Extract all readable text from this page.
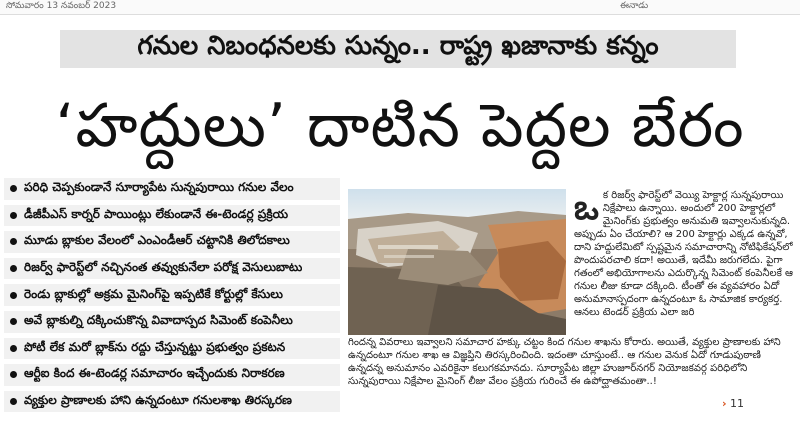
సోమవారం 13 నవంబర్ 2023	ఈనాడు
గనుల నిబంధనలకు సున్నం.. రాష్ట్ర ఖజానాకు కన్నం
‘హద్దులు’ దాటిన పెద్దల బేరం
పరిధి చెప్పకుండానే సూర్యాపేట సున్నపురాయి గనుల వేలం
డీజీపీఎస్ కార్నర్ పాయింట్లు లేకుండానే ఈ-టెండర్ల ప్రక్రియ
మూడు బ్లాకుల వేలంలో ఎంఎండీఆర్ చట్టానికి తిలోదకాలు
రిజర్వ్ ఫారెస్ట్‌లో నచ్చినంత తవ్వుకునేలా పరోక్ష వెసులుబాటు
రెండు బ్లాకుల్లో అక్రమ మైనింగ్‌పై ఇప్పటికే కోర్టుల్లో కేసులు
అవే బ్లాకుల్ని దక్కించుకొన్న వివాదాస్పద సిమెంట్ కంపెనీలు
పోటీ లేక మరో బ్లాక్‌ను రద్దు చేస్తున్నట్టు ప్రభుత్వం ప్రకటన
ఆర్టీఐ కింద ఈ-టెండర్ల సమాచారం ఇచ్చేందుకు నిరాకరణ
వ్యక్తుల ప్రాణాలకు హాని ఉన్నదంటూ గనులశాఖ తిరస్కరణ
ఒ క రిజర్వ్ ఫారెస్ట్‌లో వెయ్యి హెక్టార్ల సున్నపురాయి నిక్షేపాలు ఉన్నాయి. అందులో 200 హెక్టార్లలో మైనింగ్‌కు ప్రభుత్వం అనుమతి ఇవ్వాలనుకున్నది. అప్పుడు ఏం చేయాలి? ఆ 200 హెక్టార్లు ఎక్కడ ఉన్నవో, దాని హద్దులేమిటో స్పష్టమైన సమాచారాన్ని నోటిఫికేషన్‌లో పొందుపరచాలి కదా! అయితే, ఇదేమీ జరుగలేదు. పైగా గతంలో అభియోగాలను ఎదుర్కొన్న సిమెంట్ కంపెనీలకే ఆ గనుల లీజు కూడా దక్కింది. టీంతో ఈ వ్యవహారం ఏదో అనుమానాస్పదంగా ఉన్నదంటూ ఓ సామాజిక కార్యకర్త. ఆనలు టెండర్ ప్రక్రియ ఎలా జరి

గిందన్న వివరాలు ఇవ్వాలని సమాచార హక్కు చట్టం కింద గనుల శాఖను కోరారు. అయితే, వ్యక్తుల ప్రాణాలకు హాని ఉన్నదంటూ గనుల శాఖ ఆ విజ్ఞప్తిని తిరస్కరించింది. ఇదంతా చూస్తుంటే.. ఆ గనుల వెనుక ఏదో గూడుపుఠాణి ఉన్నదన్న అనుమానం ఎవరికైనా కలుగకమానదు. సూర్యాపేట జిల్లా హుజూర్‌నగర్ నియోజకవర్గ పరిధిలోని సున్నపురాయి నిక్షేపాల మైనింగ్ లీజు వేలం ప్రక్రియ గురించే ఈ ఉపోద్ఘాతమంతా..!

› 11
